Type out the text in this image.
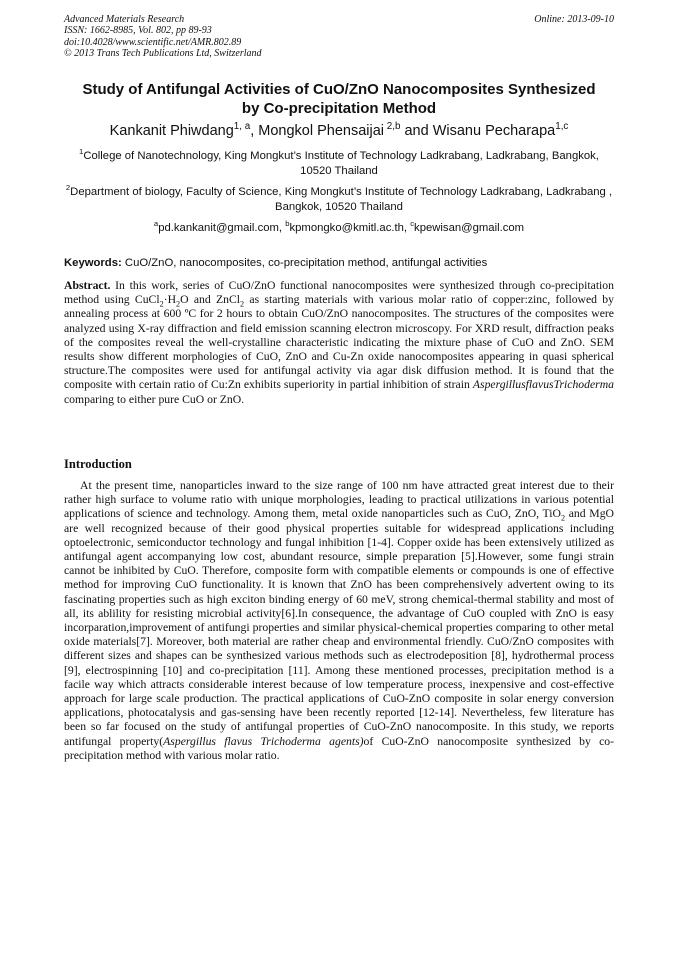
Advanced Materials Research
ISSN: 1662-8985, Vol. 802, pp 89-93
doi:10.4028/www.scientific.net/AMR.802.89
© 2013 Trans Tech Publications Ltd, Switzerland
Online: 2013-09-10
Study of Antifungal Activities of CuO/ZnO Nanocomposites Synthesized
by Co-precipitation Method
Kankanit Phiwdang$^{1, a}$, Mongkol Phensaijai $^{2,b}$ and Wisanu Pecharapa$^{1,c}$
$^1$College of Nanotechnology, King Mongkut’s Institute of Technology Ladkrabang, Ladkrabang, Bangkok, 10520 Thailand
$^2$Department of biology, Faculty of Science, King Mongkut’s Institute of Technology Ladkrabang, Ladkrabang , Bangkok, 10520 Thailand
$^a$pd.kankanit@gmail.com, $^b$kpmongko@kmitl.ac.th, $^c$kpewisan@gmail.com
Keywords: CuO/ZnO, nanocomposites, co-precipitation method, antifungal activities
Abstract. In this work, series of CuO/ZnO functional nanocomposites were synthesized through co-precipitation method using $CuCl_2\cdot H_2O$ and ZnCl$_2$ as starting materials with various molar ratio of copper:zinc, followed by annealing process at 600 ºC for 2 hours to obtain CuO/ZnO nanocomposites. The structures of the composites were analyzed using X-ray diffraction and field emission scanning electron microscopy. For XRD result, diffraction peaks of the composites reveal the well-crystalline characteristic indicating the mixture phase of CuO and ZnO. SEM results show different morphologies of CuO, ZnO and Cu-Zn oxide nanocomposites appearing in quasi spherical structure.The composites were used for antifungal activity via agar disk diffusion method. It is found that the composite with certain ratio of Cu:Zn exhibits superiority in partial inhibition of strain AspergillusflavusTrichoderma comparing to either pure CuO or ZnO.
Introduction
At the present time, nanoparticles inward to the size range of 100 nm have attracted great interest due to their rather high surface to volume ratio with unique morphologies, leading to practical utilizations in various potential applications of science and technology. Among them, metal oxide nanoparticles such as CuO, ZnO, TiO$_2$ and MgO are well recognized because of their good physical properties suitable for widespread applications including optoelectronic, semiconductor technology and fungal inhibition [1-4]. Copper oxide has been extensively utilized as antifungal agent accompanying low cost, abundant resource, simple preparation [5].However, some fungi strain cannot be inhibited by CuO. Therefore, composite form with compatible elements or compounds is one of effective method for improving CuO functionality. It is known that ZnO has been comprehensively advertent owing to its fascinating properties such as high exciton binding energy of 60 meV, strong chemical-thermal stability and most of all, its ablility for resisting microbial activity[6].In consequence, the advantage of CuO coupled with ZnO is easy incorparation,improvement of antifungi properties and similar physical-chemical properties comparing to other metal oxide materials[7]. Moreover, both material are rather cheap and environmental friendly. CuO/ZnO composites with different sizes and shapes can be synthesized various methods such as electrodeposition [8], hydrothermal process [9], electrospinning [10] and co-precipitation [11]. Among these mentioned processes, precipitation method is a facile way which attracts considerable interest because of low temperature process, inexpensive and cost-effective approach for large scale production. The practical applications of CuO-ZnO composite in solar energy conversion applications, photocatalysis and gas-sensing have been recently reported [12-14]. Nevertheless, few literature has been so far focused on the study of antifungal properties of CuO-ZnO nanocomposite. In this study, we reports antifungal property(Aspergillus flavus Trichoderma agents)of CuO-ZnO nanocomposite synthesized by co-precipitation method with various molar ratio.
